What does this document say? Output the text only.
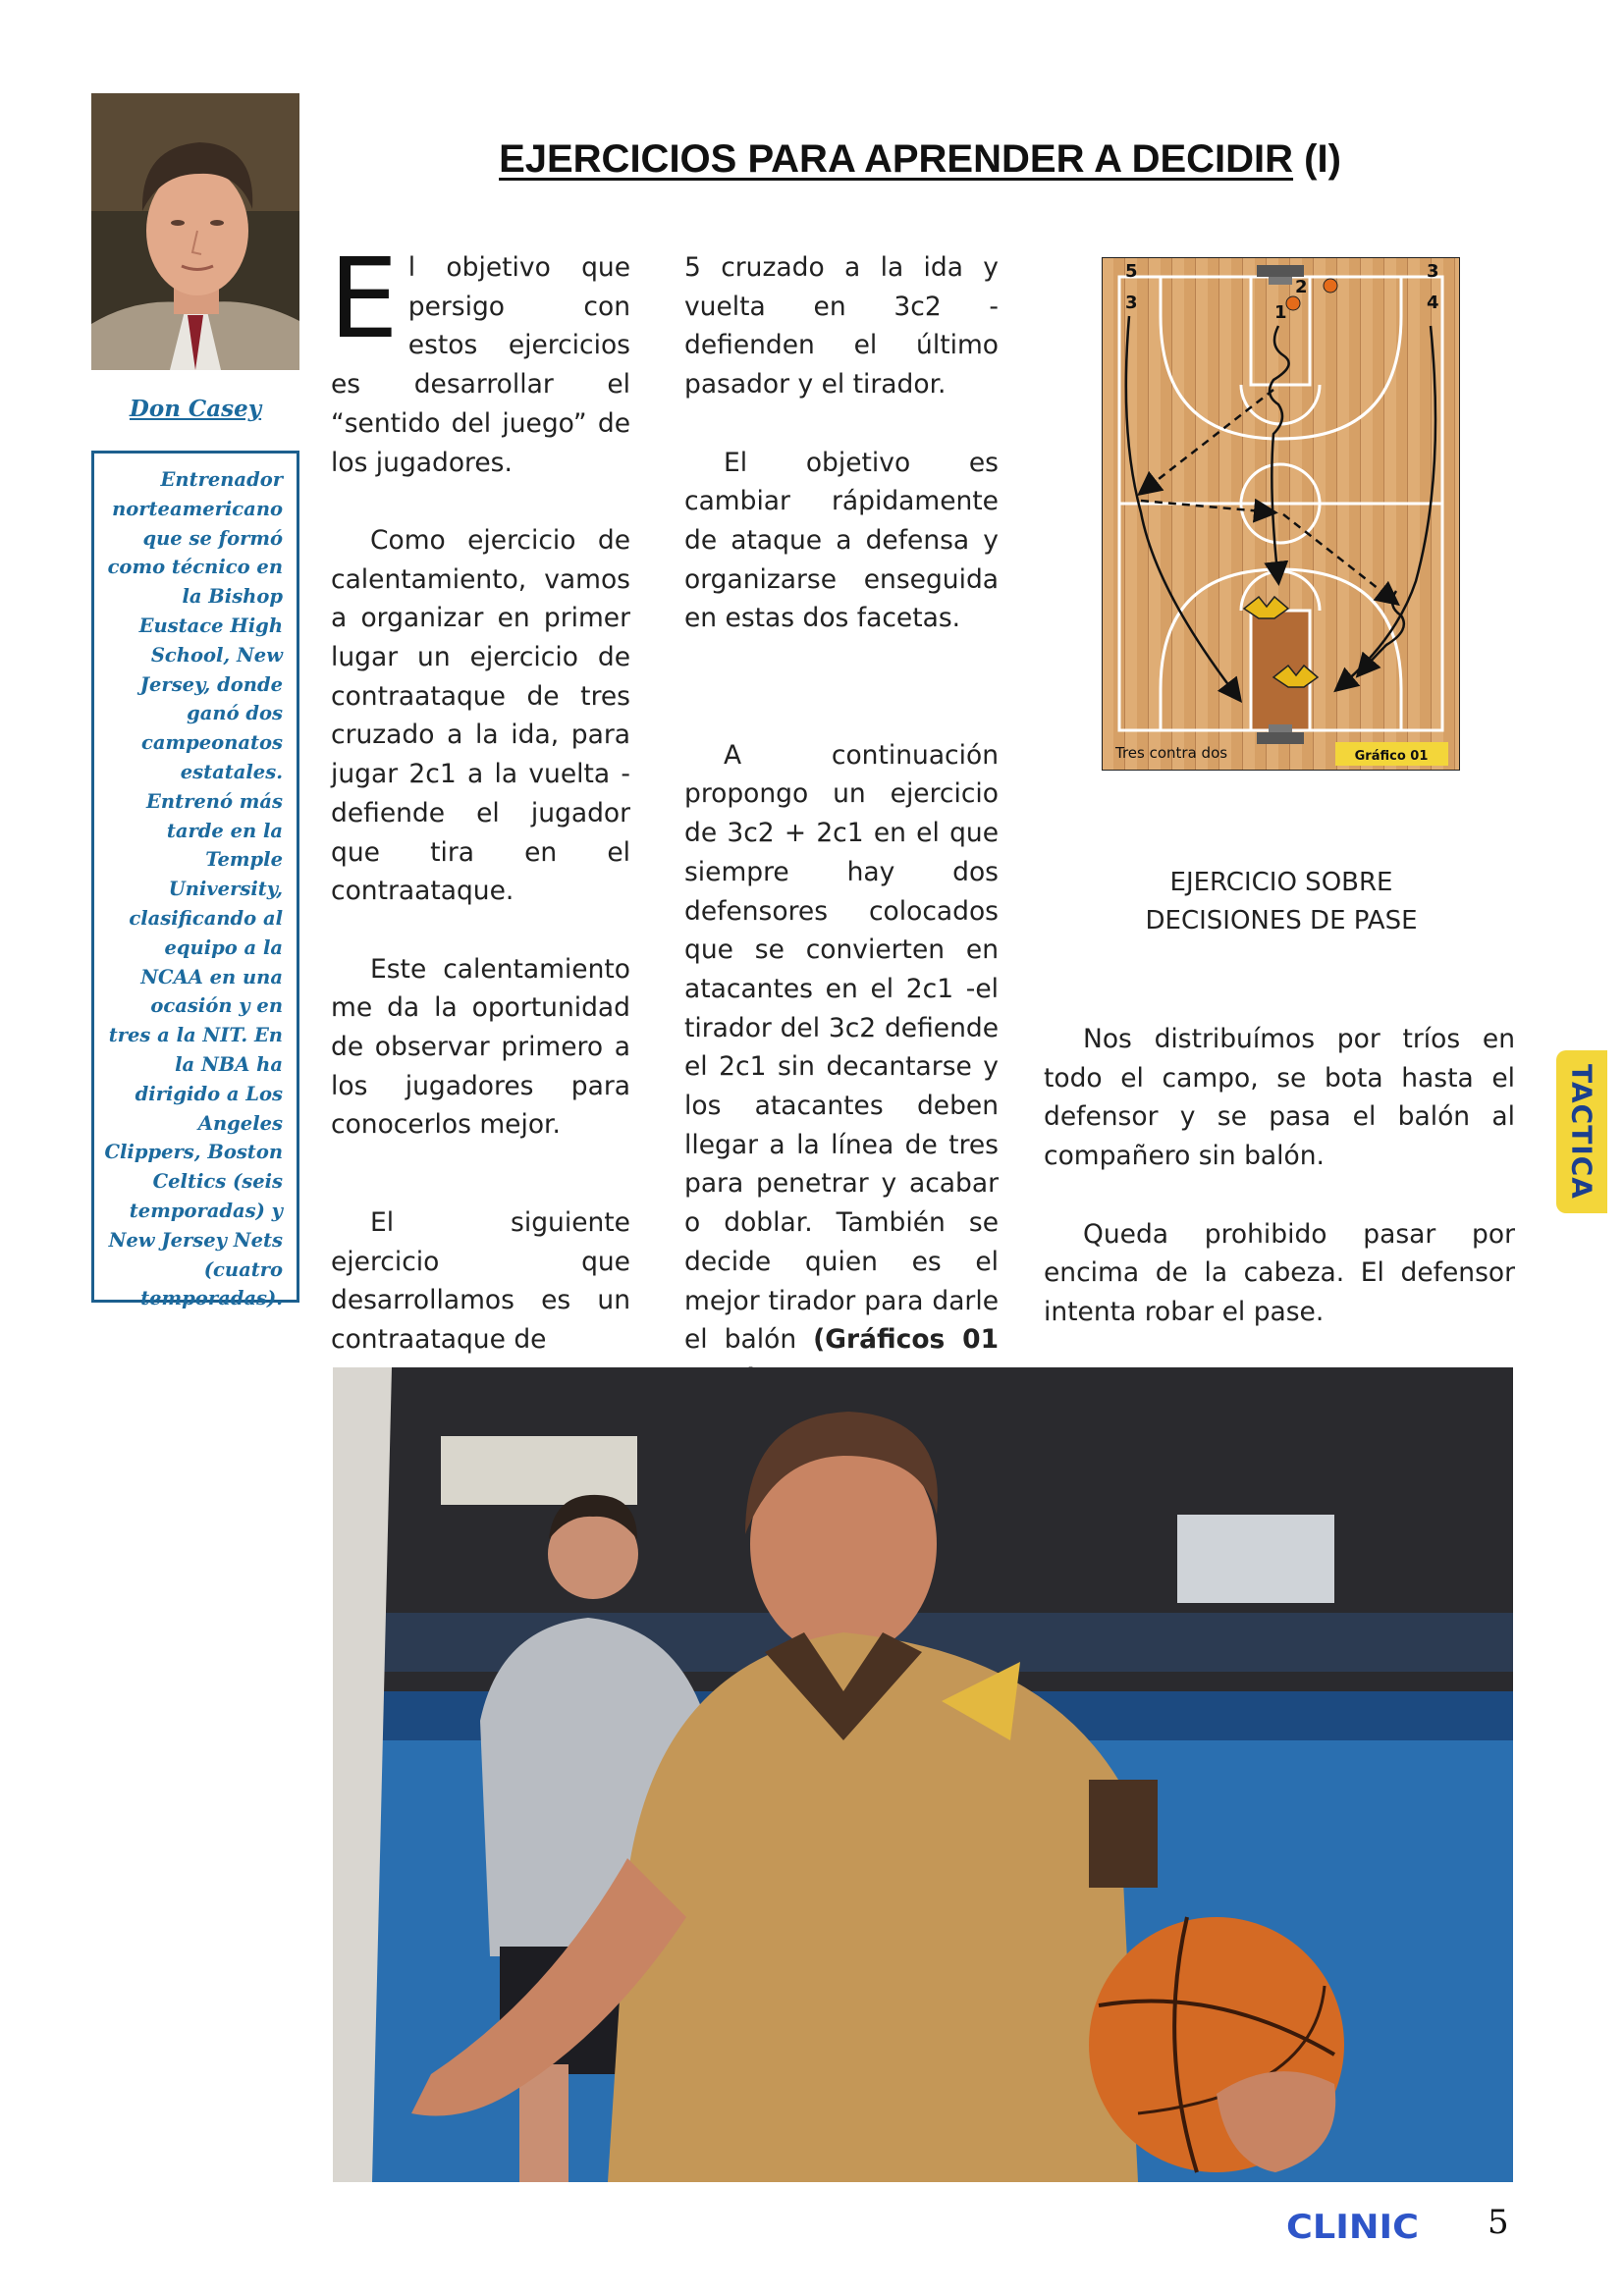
Don Casey
Entrenador norteamericano que se formó como técnico en la Bishop Eustace High School, New Jersey, donde ganó dos campeonatos estatales. Entrenó más tarde en la Temple University, clasificando al equipo a la NCAA en una ocasión y en tres a la NIT. En la NBA ha dirigido a Los Angeles Clippers, Boston Celtics (seis temporadas) y New Jersey Nets (cuatro temporadas).
EJERCICIOS PARA APRENDER A DECIDIR (I)

El objetivo que persigo con estos ejercicios es desarrollar el “sentido del juego” de los jugadores.

Como ejercicio de calentamiento, vamos a organizar en primer lugar un ejercicio de contraataque de tres cruzado a la ida, para jugar 2c1 a la vuelta -defiende el jugador que tira en el contraataque.

Este calentamiento me da la oportunidad de observar primero a los jugadores para conocerlos mejor.

El siguiente ejercicio que desarrollamos es un contraataque de

5 cruzado a la ida y vuelta en 3c2 -defienden el último pasador y el tirador.

El objetivo es cambiar rápidamente de ataque a defensa y organizarse enseguida en estas dos facetas.

A continuación propongo un ejercicio de 3c2 + 2c1 en el que siempre hay dos defensores colocados que se convierten en atacantes en el 2c1 -el tirador del 3c2 defiende el 2c1 sin decantarse y los atacantes deben llegar a la línea de tres para penetrar y acabar o doblar. También se decide quien es el mejor tirador para darle el balón (Gráficos 01

5
3
2
1
3
4
Tres contra dos	Gráfico 01
EJERCICIO SOBRE
DECISIONES DE PASE

Nos distribuímos por tríos en todo el campo, se bota hasta el defensor y se pasa el balón al compañero sin balón.

Queda prohibido pasar por encima de la cabeza. El defensor intenta robar el pase.

TACTICA
CLINIC 5
